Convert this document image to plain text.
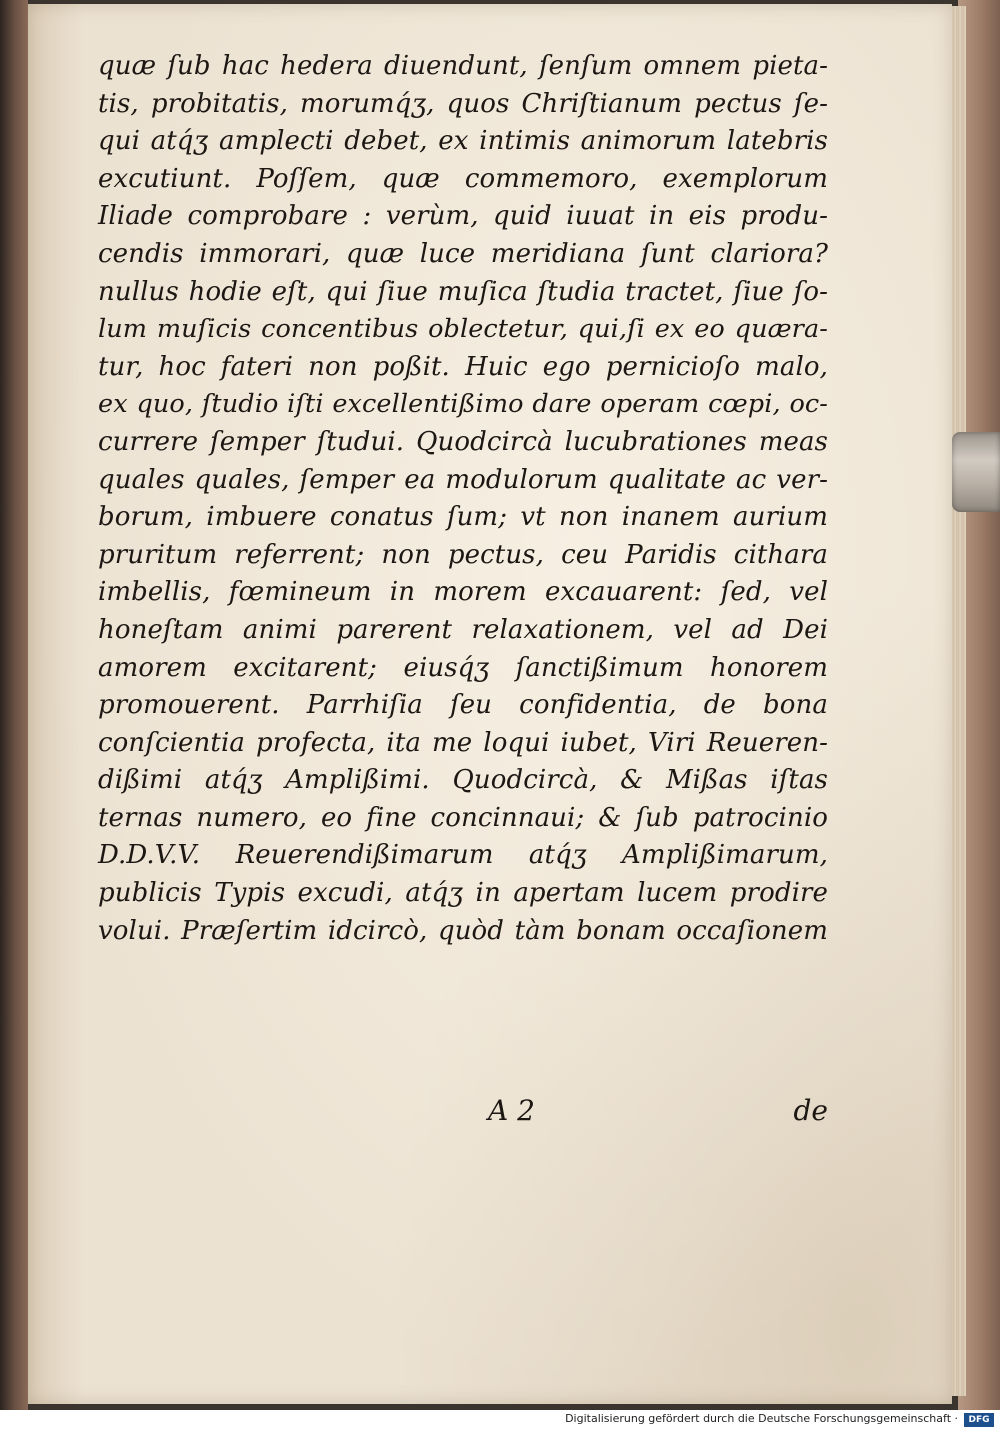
quæ ſub hac hedera diuendunt, ſenſum omnem pieta-
tis, probitatis, morumq́ʒ, quos Chriſtianum pectus ſe-
qui atq́ʒ amplecti debet, ex intimis animorum latebris
excutiunt. Poſſem, quæ commemoro, exemplorum
Iliade comprobare : verùm, quid iuuat in eis produ-
cendis immorari, quæ luce meridiana ſunt clariora?
nullus hodie eſt, qui ſiue muſica ſtudia tractet, ſiue ſo-
lum muſicis concentibus oblectetur, qui,ſi ex eo quæra-
tur, hoc fateri non poßit. Huic ego pernicioſo malo,
ex quo, ſtudio iſti excellentißimo dare operam cœpi, oc-
currere ſemper ſtudui. Quodcircà lucubrationes meas
quales quales, ſemper ea modulorum qualitate ac ver-
borum, imbuere conatus ſum; vt non inanem aurium
pruritum referrent; non pectus, ceu Paridis cithara
imbellis, fœmineum in morem excauarent: ſed, vel
honeſtam animi parerent relaxationem, vel ad Dei
amorem excitarent; eiusq́ʒ ſanctißimum honorem
promouerent. Parrhiſia ſeu confidentia, de bona
conſcientia profecta, ita me loqui iubet, Viri Reueren-
dißimi atq́ʒ Amplißimi. Quodcircà, & Mißas iſtas
ternas numero, eo fine concinnaui; & ſub patrocinio
D.D.V.V. Reuerendißimarum atq́ʒ Amplißimarum,
publicis Typis excudi, atq́ʒ in apertam lucem prodire
volui. Præſertim idcircò, quòd tàm bonam occaſionem
A 2	de
Digitalisierung gefördert durch die Deutsche Forschungsgemeinschaft ·	DFG
